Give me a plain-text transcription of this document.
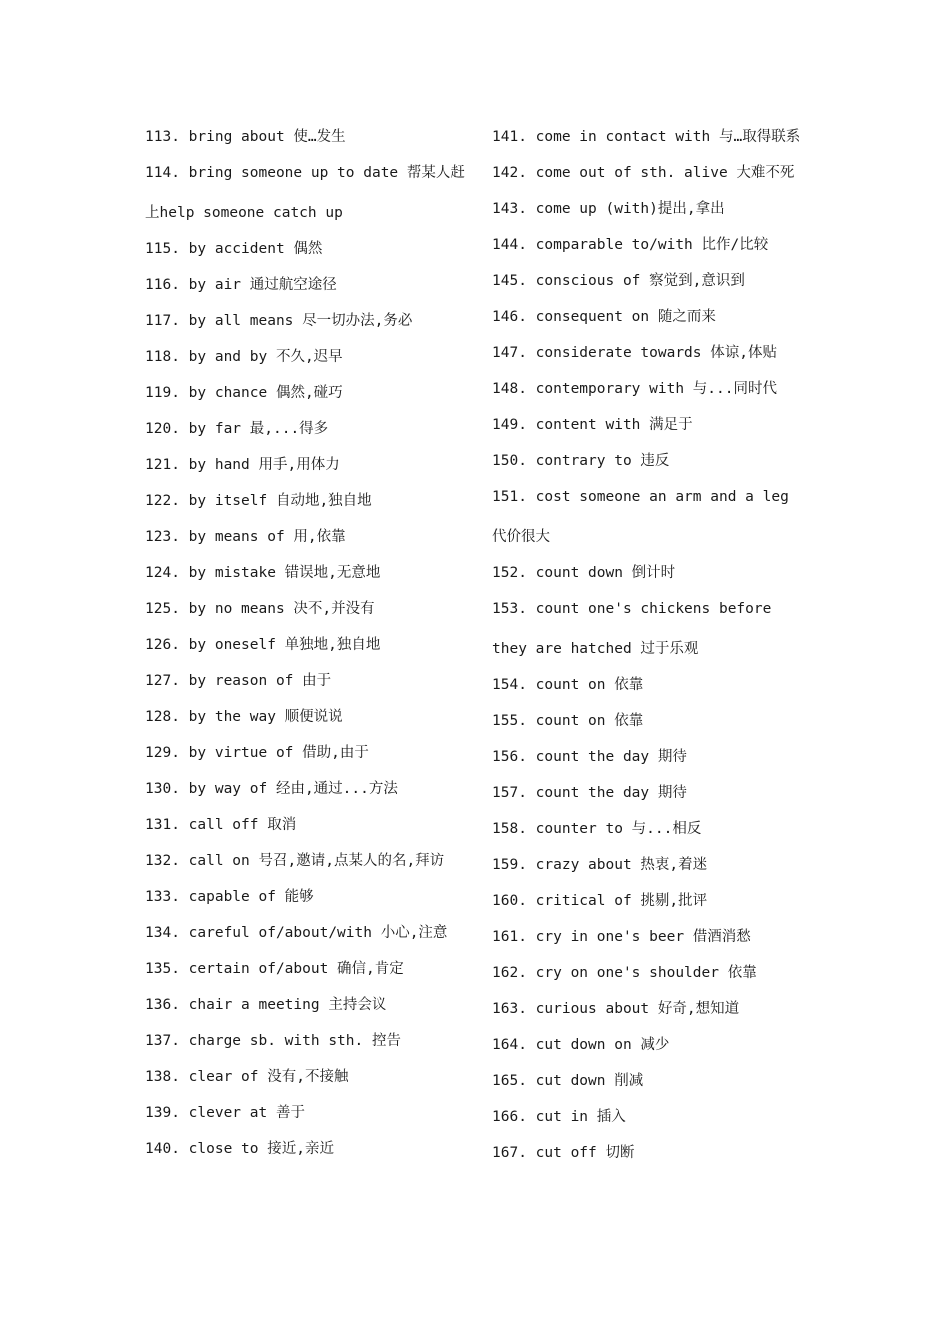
113. bring about 使…发生
114. bring someone up to date 帮某人赶上help someone catch up
115. by accident 偶然
116. by air 通过航空途径
117. by all means 尽一切办法,务必
118. by and by 不久,迟早
119. by chance 偶然,碰巧
120. by far 最,...得多
121. by hand 用手,用体力
122. by itself 自动地,独自地
123. by means of 用,依靠
124. by mistake 错误地,无意地
125. by no means 决不,并没有
126. by oneself 单独地,独自地
127. by reason of 由于
128. by the way 顺便说说
129. by virtue of 借助,由于
130. by way of 经由,通过...方法
131. call off 取消
132. call on 号召,邀请,点某人的名,拜访
133. capable of 能够
134. careful of/about/with 小心,注意
135. certain of/about 确信,肯定
136. chair a meeting 主持会议
137. charge sb. with sth. 控告
138. clear of 没有,不接触
139. clever at 善于
140. close to 接近,亲近
141. come in contact with 与…取得联系
142. come out of sth. alive 大难不死
143. come up (with)提出,拿出
144. comparable to/with 比作/比较
145. conscious of 察觉到,意识到
146. consequent on 随之而来
147. considerate towards 体谅,体贴
148. contemporary with 与...同时代
149. content with 满足于
150. contrary to 违反
151. cost someone an arm and a leg 代价很大
152. count down 倒计时
153. count one's chickens before they are hatched 过于乐观
154. count on 依靠
155. count on 依靠
156. count the day 期待
157. count the day 期待
158. counter to 与...相反
159. crazy about 热衷,着迷
160. critical of 挑剔,批评
161. cry in one's beer 借酒消愁
162. cry on one's shoulder 依靠
163. curious about 好奇,想知道
164. cut down on 减少
165. cut down 削减
166. cut in 插入
167. cut off 切断
